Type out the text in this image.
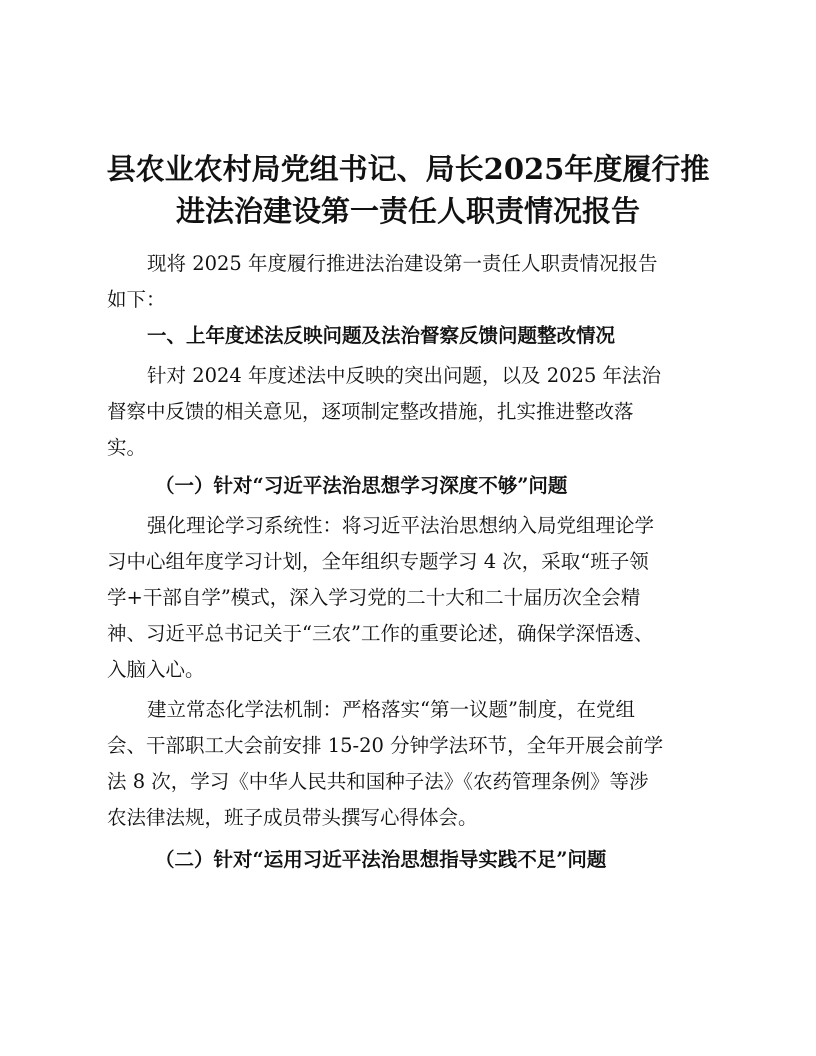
县农业农村局党组书记、局长2025年度履行推
进法治建设第一责任人职责情况报告
现将 2025 年度履行推进法治建设第一责任人职责情况报告
如下：
一、上年度述法反映问题及法治督察反馈问题整改情况
针对 2024 年度述法中反映的突出问题，以及 2025 年法治
督察中反馈的相关意见，逐项制定整改措施，扎实推进整改落
实。
（一）针对“习近平法治思想学习深度不够”问题
强化理论学习系统性：将习近平法治思想纳入局党组理论学
习中心组年度学习计划，全年组织专题学习 4 次，采取“班子领
学+干部自学”模式，深入学习党的二十大和二十届历次全会精
神、习近平总书记关于“三农”工作的重要论述，确保学深悟透、
入脑入心。
建立常态化学法机制：严格落实“第一议题”制度，在党组
会、干部职工大会前安排 15-20 分钟学法环节，全年开展会前学
法 8 次，学习《中华人民共和国种子法》《农药管理条例》等涉
农法律法规，班子成员带头撰写心得体会。
（二）针对“运用习近平法治思想指导实践不足”问题
